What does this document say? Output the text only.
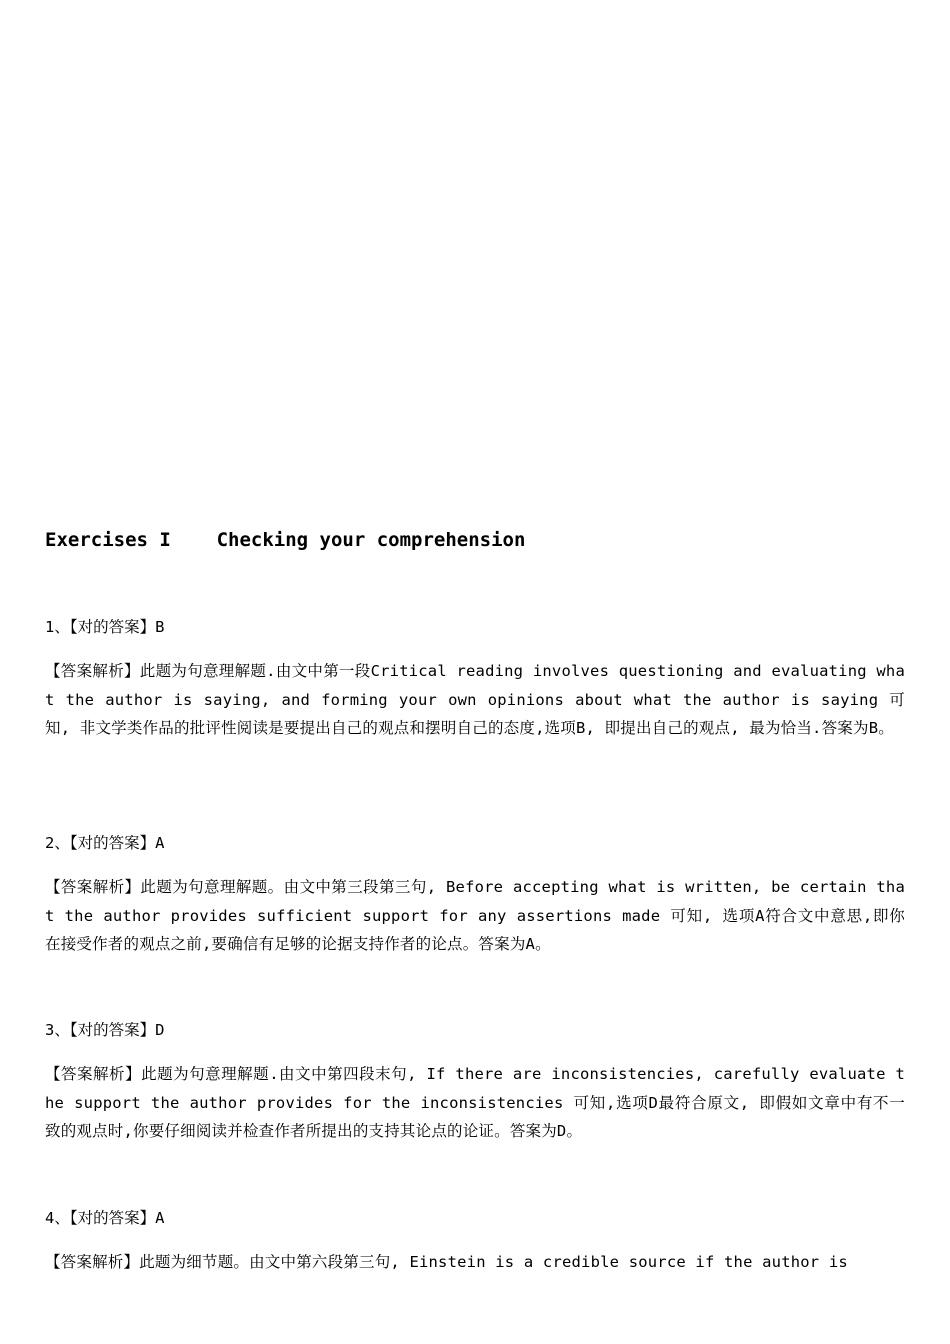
Exercises I    Checking your comprehension

1、【对的答案】B

【答案解析】此题为句意理解题.由文中第一段Critical reading involves questioning and evaluating what the author is saying, and forming your own opinions about what the author is saying 可知, 非文学类作品的批评性阅读是要提出自己的观点和摆明自己的态度,选项B, 即提出自己的观点, 最为恰当.答案为B。

2、【对的答案】A

【答案解析】此题为句意理解题。由文中第三段第三句, Before accepting what is written, be certain that the author provides sufficient support for any assertions made 可知, 选项A符合文中意思,即你在接受作者的观点之前,要确信有足够的论据支持作者的论点。答案为A。

3、【对的答案】D

【答案解析】此题为句意理解题.由文中第四段末句, If there are inconsistencies, carefully evaluate the support the author provides for the inconsistencies 可知,选项D最符合原文, 即假如文章中有不一致的观点时,你要仔细阅读并检查作者所提出的支持其论点的论证。答案为D。

4、【对的答案】A

【答案解析】此题为细节题。由文中第六段第三句, Einstein is a credible source if the author is
